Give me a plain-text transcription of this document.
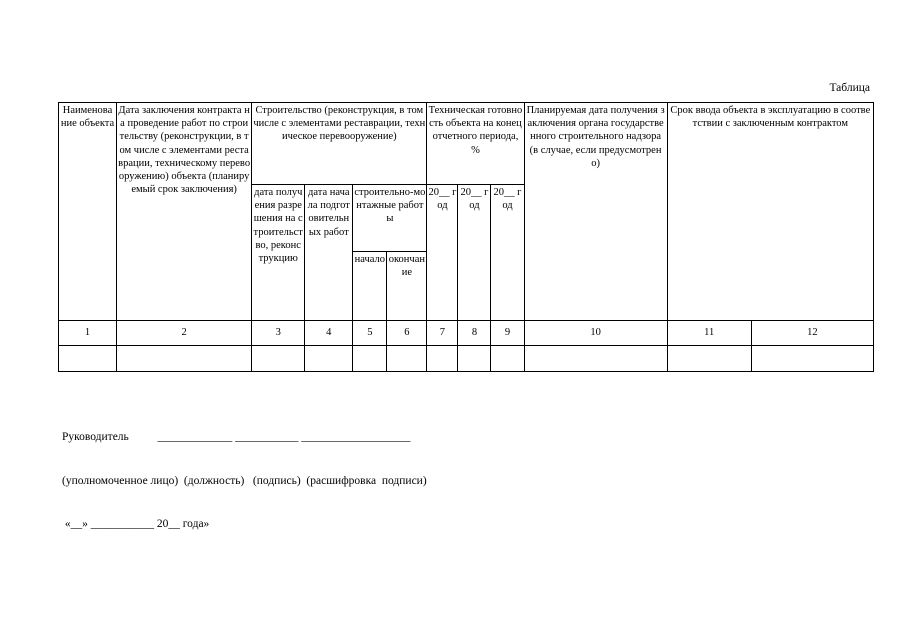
Таблица
Наименование объекта	Дата заключения контракта на проведение работ по строительству (реконструкции, в том числе с элементами реставрации, техническому перевооружению) объекта (планируемый срок заключения)	Строительство (реконструкция, в том числе с элементами реставрации, техническое перевооружение)				Техническая готовность объекта на конец отчетного периода, %			Планируемая дата получения заключения органа государственного строительного надзора (в случае, если предусмотрено)	Срок ввода объекта в эксплуатацию в соответствии с заключенным контрактом	
		дата получения разрешения на строительство, реконструкцию	дата начала подготовительных работ	строительно-монтажные работы		20__ год	20__ год	20__ год			
				начало	окончание						
1	2	3	4	5	6	7	8	9	10	11	12

Руководитель          _____________ ___________ ___________________

(уполномоченное лицо)  (должность)   (подпись)  (расшифровка  подписи)

«__» ___________ 20__ года»
